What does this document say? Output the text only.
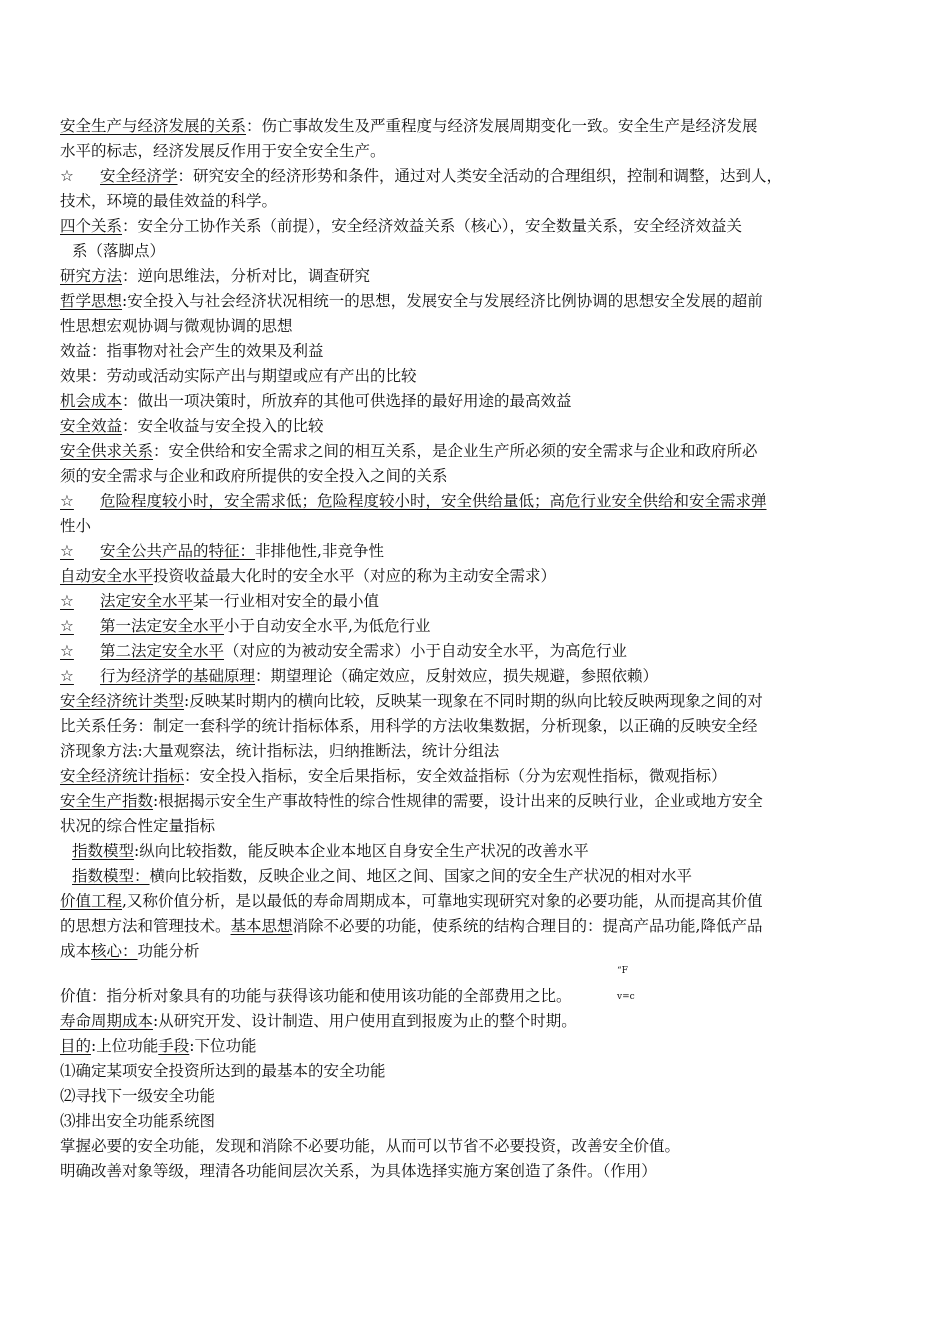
安全生产与经济发展的关系：伤亡事故发生及严重程度与经济发展周期变化一致。安全生产是经济发展
水平的标志，经济发展反作用于安全安全生产。
☆ 安全经济学：研究安全的经济形势和条件，通过对人类安全活动的合理组织，控制和调整，达到人，
技术，环境的最佳效益的科学。
四个关系：安全分工协作关系（前提），安全经济效益关系（核心），安全数量关系，安全经济效益关
系（落脚点）
研究方法：逆向思维法，分析对比，调查研究
哲学思想:安全投入与社会经济状况相统一的思想，发展安全与发展经济比例协调的思想安全发展的超前
性思想宏观协调与微观协调的思想
效益：指事物对社会产生的效果及利益
效果：劳动或活动实际产出与期望或应有产出的比较
机会成本：做出一项决策时，所放弃的其他可供选择的最好用途的最高效益
安全效益：安全收益与安全投入的比较
安全供求关系：安全供给和安全需求之间的相互关系，是企业生产所必须的安全需求与企业和政府所必
须的安全需求与企业和政府所提供的安全投入之间的关系
☆ 危险程度较小时，安全需求低；危险程度较小时，安全供给量低；高危行业安全供给和安全需求弹
性小
☆ 安全公共产品的特征：非排他性,非竞争性
自动安全水平投资收益最大化时的安全水平（对应的称为主动安全需求）
☆ 法定安全水平某一行业相对安全的最小值
☆ 第一法定安全水平小于自动安全水平,为低危行业
☆ 第二法定安全水平（对应的为被动安全需求）小于自动安全水平，为高危行业
☆ 行为经济学的基础原理：期望理论（确定效应，反射效应，损失规避，参照依赖）
安全经济统计类型:反映某时期内的横向比较，反映某一现象在不同时期的纵向比较反映两现象之间的对
比关系任务：制定一套科学的统计指标体系，用科学的方法收集数据，分析现象，以正确的反映安全经
济现象方法:大量观察法，统计指标法，归纳推断法，统计分组法
安全经济统计指标：安全投入指标，安全后果指标，安全效益指标（分为宏观性指标，微观指标）
安全生产指数:根据揭示安全生产事故特性的综合性规律的需要，设计出来的反映行业，企业或地方安全
状况的综合性定量指标
指数模型:纵向比较指数，能反映本企业本地区自身安全生产状况的改善水平
指数模型：横向比较指数，反映企业之间、地区之间、国家之间的安全生产状况的相对水平
价值工程,又称价值分析，是以最低的寿命周期成本，可靠地实现研究对象的必要功能，从而提高其价值
的思想方法和管理技术。基本思想消除不必要的功能，使系统的结构合理目的：提高产品功能,降低产品
成本核心：功能分析
价值：指分析对象具有的功能与获得该功能和使用该功能的全部费用之比。
“F
v=c
寿命周期成本:从研究开发、设计制造、用户使用直到报废为止的整个时期。
目的:上位功能手段:下位功能
⑴确定某项安全投资所达到的最基本的安全功能
⑵寻找下一级安全功能
⑶排出安全功能系统图
掌握必要的安全功能，发现和消除不必要功能，从而可以节省不必要投资，改善安全价值。
明确改善对象等级，理清各功能间层次关系，为具体选择实施方案创造了条件。（作用）
